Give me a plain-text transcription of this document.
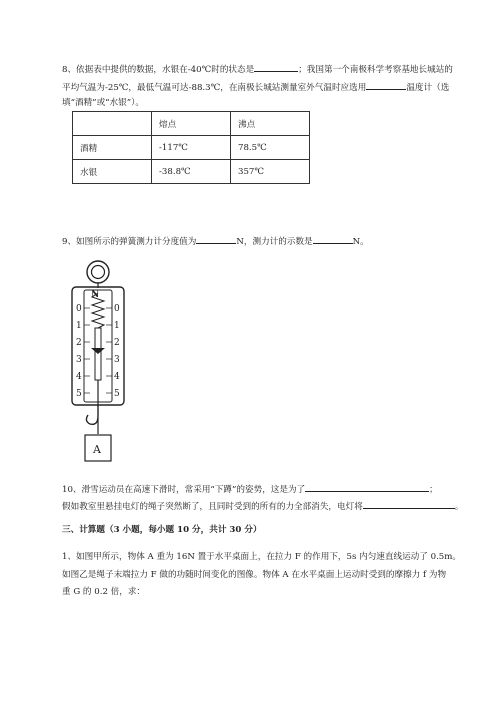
8、依据表中提供的数据，水银在-40℃时的状态是	；我国第一个南极科学考察基地长城站的
平均气温为-25℃，最低气温可达-88.3℃，在南极长城站测量室外气温时应选用	温度计（选
填“酒精”或“水银”）。
	熔点	沸点
酒精	-117℃	78.5℃
水银	-38.8℃	357℃
9、如图所示的弹簧测力计分度值为	N，测力计的示数是	N。
N
0
1
2
3
4
5
0
1
2
3
4
5
A
10、滑雪运动员在高速下滑时，常采用“下蹲”的姿势，这是为了	；
假如教室里悬挂电灯的绳子突然断了，且同时受到的所有的力全部消失，电灯将	。
三、计算题（3 小题，每小题 10 分，共计 30 分）
1、如图甲所示，物体 A 重为 16N 置于水平桌面上，在拉力 F 的作用下，5s 内匀速直线运动了 0.5m。
如图乙是绳子末端拉力 F 做的功随时间变化的图像。物体 A 在水平桌面上运动时受到的摩擦力 f 为物
重 G 的 0.2 倍，求：
